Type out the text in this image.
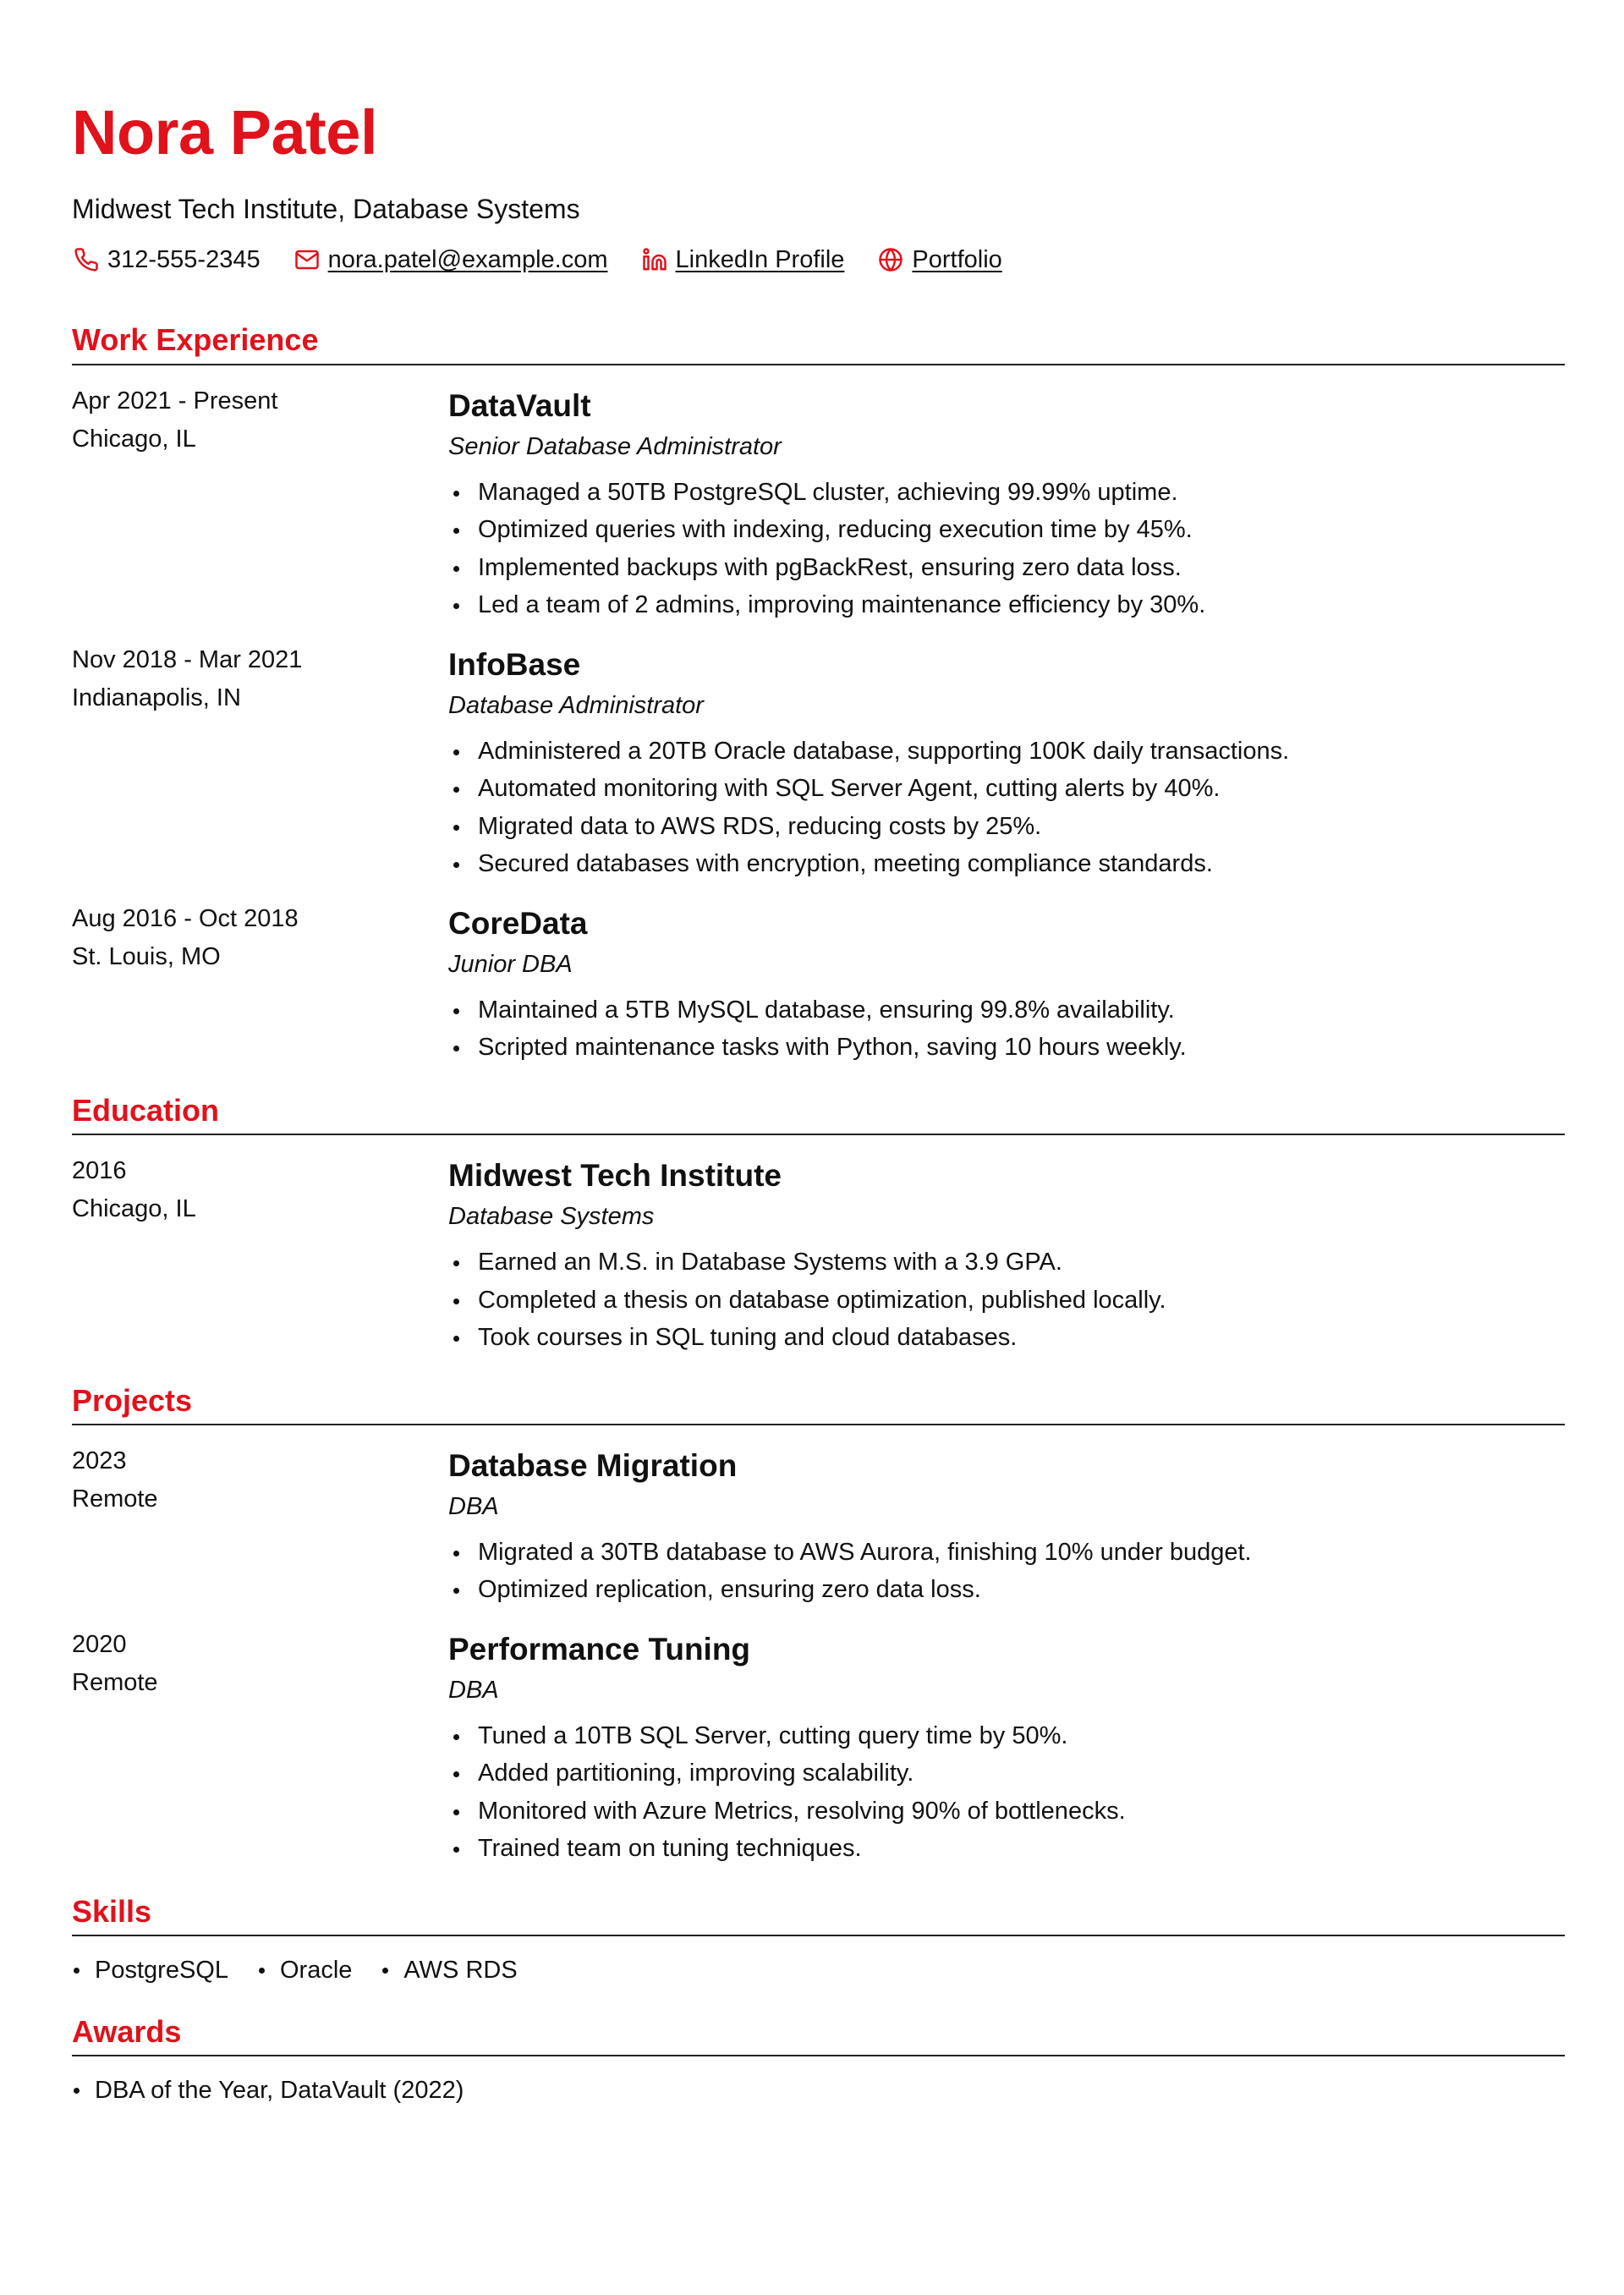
Nora Patel
Midwest Tech Institute, Database Systems
312-555-2345	nora.patel@example.com	LinkedIn Profile	Portfolio
Work Experience
Apr 2021 - Present
Chicago, IL
DataVault
Senior Database Administrator
Managed a 50TB PostgreSQL cluster, achieving 99.99% uptime.
Optimized queries with indexing, reducing execution time by 45%.
Implemented backups with pgBackRest, ensuring zero data loss.
Led a team of 2 admins, improving maintenance efficiency by 30%.
Nov 2018 - Mar 2021
Indianapolis, IN
InfoBase
Database Administrator
Administered a 20TB Oracle database, supporting 100K daily transactions.
Automated monitoring with SQL Server Agent, cutting alerts by 40%.
Migrated data to AWS RDS, reducing costs by 25%.
Secured databases with encryption, meeting compliance standards.
Aug 2016 - Oct 2018
St. Louis, MO
CoreData
Junior DBA
Maintained a 5TB MySQL database, ensuring 99.8% availability.
Scripted maintenance tasks with Python, saving 10 hours weekly.
Education
2016
Chicago, IL
Midwest Tech Institute
Database Systems
Earned an M.S. in Database Systems with a 3.9 GPA.
Completed a thesis on database optimization, published locally.
Took courses in SQL tuning and cloud databases.
Projects
2023
Remote
Database Migration
DBA
Migrated a 30TB database to AWS Aurora, finishing 10% under budget.
Optimized replication, ensuring zero data loss.
2020
Remote
Performance Tuning
DBA
Tuned a 10TB SQL Server, cutting query time by 50%.
Added partitioning, improving scalability.
Monitored with Azure Metrics, resolving 90% of bottlenecks.
Trained team on tuning techniques.
Skills
PostgreSQL	Oracle	AWS RDS
Awards
DBA of the Year, DataVault (2022)
